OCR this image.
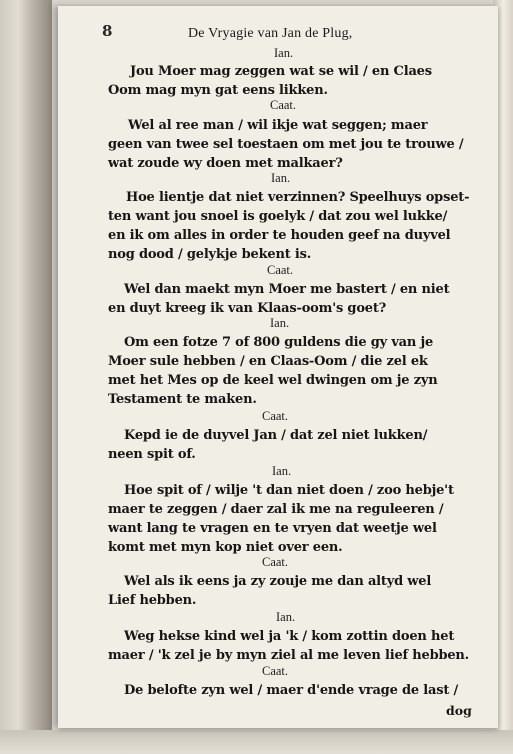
8	De Vryagie van Jan de Plug,
Ian.
Jou Moer mag zeggen wat se wil / en Claes
Oom mag myn gat eens likken.
Caat.
Wel al ree man / wil ikje wat seggen; maer
geen van twee sel toestaen om met jou te trouwe /
wat zoude wy doen met malkaer?
Ian.
Hoe lientje dat niet verzinnen? Speelhuys opset-
ten want jou snoel is goelyk / dat zou wel lukke/
en ik om alles in order te houden geef na duyvel
nog dood / gelykje bekent is.
Caat.
Wel dan maekt myn Moer me bastert / en niet
en duyt kreeg ik van Klaas-oom's goet?
Ian.
Om een fotze 7 of 800 guldens die gy van je
Moer sule hebben / en Claas-Oom / die zel ek
met het Mes op de keel wel dwingen om je zyn
Testament te maken.
Caat.
Kepd ie de duyvel Jan / dat zel niet lukken/
neen spit of.
Ian.
Hoe spit of / wilje 't dan niet doen / zoo hebje't
maer te zeggen / daer zal ik me na reguleeren /
want lang te vragen en te vryen dat weetje wel
komt met myn kop niet over een.
Caat.
Wel als ik eens ja zy zouje me dan altyd wel
Lief hebben.
Ian.
Weg hekse kind wel ja 'k / kom zottin doen het
maer / 'k zel je by myn ziel al me leven lief hebben.
Caat.
De belofte zyn wel / maer d'ende vrage de last /
dog
